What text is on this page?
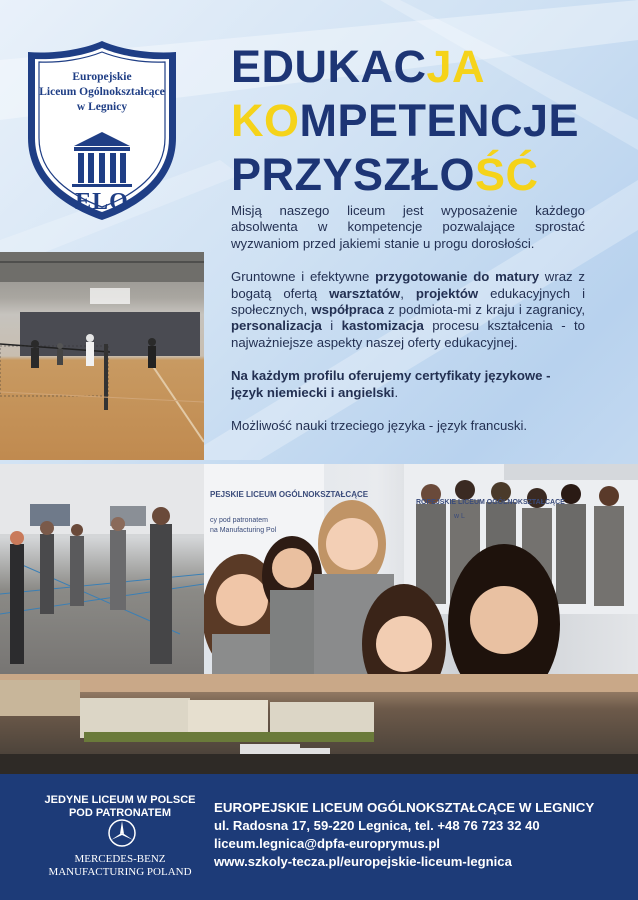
Europejskie
Liceum Ogólnokształcące
w Legnicy
ELO
EDUKACJA
KOMPETENCJE
PRZYSZŁOŚĆ

Misją naszego liceum jest wyposażenie każdego absolwenta w kompetencje pozwalające sprostać wyzwaniom przed jakiemi stanie u progu dorosłości.

Gruntowne i efektywne przygotowanie do matury wraz z bogatą ofertą warsztatów, projektów edukacyjnych i społecznych, współpraca z podmiota-mi z kraju i zagranicy, personalizacja i kastomizacja procesu kształcenia - to najważniejsze aspekty naszej oferty edukacyjnej.

Na każdym profilu oferujemy certyfikaty językowe - język niemiecki i angielski.

Możliwość nauki trzeciego języka - język francuski.

PEJSKIE LICEUM OGÓLNOKSZTAŁCĄCE
cy pod patronatem
na Manufacturing Pol
ROPEJSKIE LICEUM OGÓLNOKSZTAŁCĄCE
w L
JEDYNE LICEUM W POLSCE
POD PATRONATEM
MERCEDES-BENZ
MANUFACTURING POLAND
EUROPEJSKIE LICEUM OGÓLNOKSZTAŁCĄCE W LEGNICY
ul. Radosna 17, 59-220 Legnica, tel. +48 76 723 32 40
liceum.legnica@dpfa-europrymus.pl
www.szkoly-tecza.pl/europejskie-liceum-legnica
